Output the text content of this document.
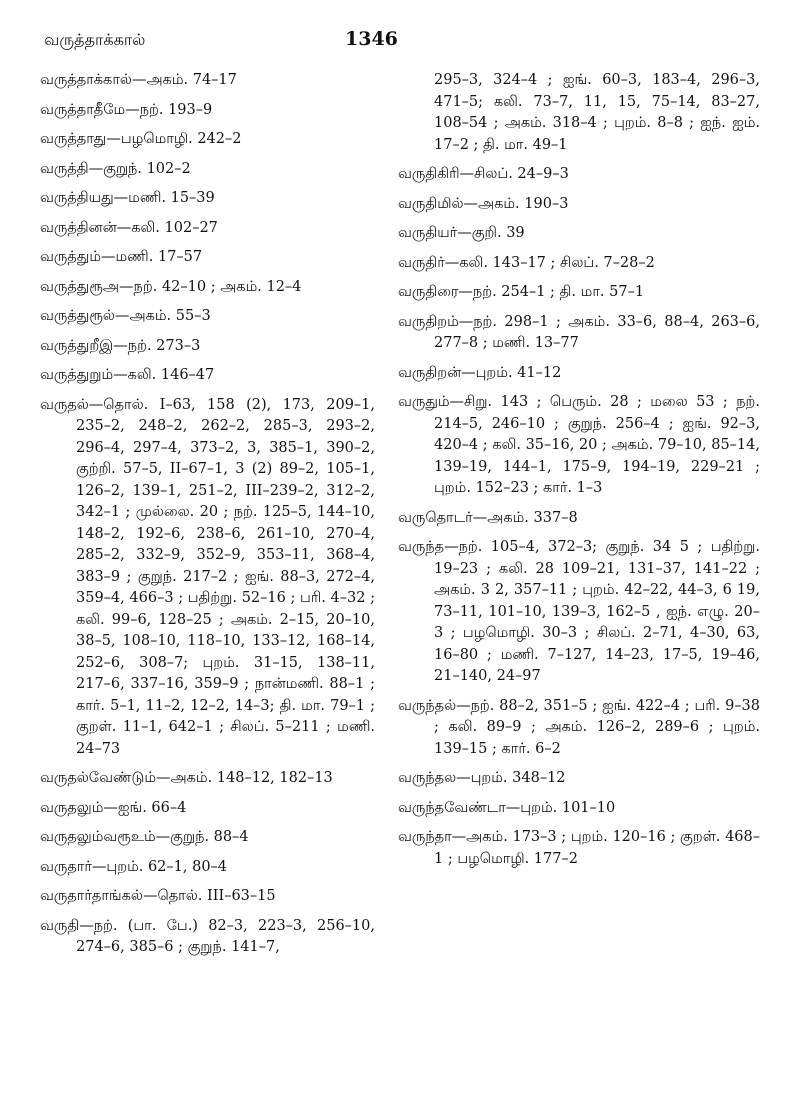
வருத்தாக்கால்	1346

வருத்தாக்கால்—அகம். 74–17

வருத்தாதீமே—நற். 193–9

வருத்தாது—பழமொழி. 242–2

வருத்தி—குறுந். 102–2

வருத்தியது—மணி. 15–39

வருத்தினன்—கலி. 102–27

வருத்தும்—மணி. 17–57

வருத்துரூஅ—நற். 42–10 ; அகம். 12–4

வருத்துரூல்—அகம். 55–3

வருத்துறீஇ—நற். 273–3

வருத்துறும்—கலி. 146–47

வருதல்—தொல். I–63, 158 (2), 173, 209–1, 235–2, 248–2, 262–2, 285–3, 293–2, 296–4, 297–4, 373–2, 3, 385–1, 390–2, குற்றி. 57–5, II–67–1, 3 (2) 89–2, 105–1, 126–2, 139–1, 251–2, III–239–2, 312–2, 342–1 ; முல்லை. 20 ; நற். 125–5, 144–10, 148–2, 192–6, 238–6, 261–10, 270–4, 285–2, 332–9, 352–9, 353–11, 368–4, 383–9 ; குறுந். 217–2 ; ஐங். 88–3, 272–4, 359–4, 466–3 ; பதிற்று. 52–16 ; பரி. 4–32 ; கலி. 99–6, 128–25 ; அகம். 2–15, 20–10, 38–5, 108–10, 118–10, 133–12, 168–14, 252–6, 308–7; புறம். 31–15, 138–11, 217–6, 337–16, 359–9 ; நான்மணி. 88–1 ; கார். 5–1, 11–2, 12–2, 14–3; தி. மா. 79–1 ; குறள். 11–1, 642–1 ; சிலப். 5–211 ; மணி. 24–73

வருதல்வேண்டும்—அகம். 148–12, 182–13

வருதலும்—ஐங். 66–4

வருதலும்வரூஉம்—குறுந். 88–4

வருதார்—புறம். 62–1, 80–4

வருதார்தாங்கல்—தொல். III–63–15

வருதி—நற். (பா. பே.) 82–3, 223–3, 256–10, 274–6, 385–6 ; குறுந். 141–7,

295–3, 324–4 ; ஐங். 60–3, 183–4, 296–3, 471–5; கலி. 73–7, 11, 15, 75–14, 83–27, 108–54 ; அகம். 318–4 ; புறம். 8–8 ; ஐந். ஐம். 17–2 ; தி. மா. 49–1

வருதிகிரி—சிலப். 24–9–3

வருதிமில்—அகம். 190–3

வருதியர்—குறி. 39

வருதிர்—கலி. 143–17 ; சிலப். 7–28–2

வருதிரை—நற். 254–1 ; தி. மா. 57–1

வருதிறம்—நற். 298–1 ; அகம். 33–6, 88–4, 263–6, 277–8 ; மணி. 13–77

வருதிறன்—புறம். 41–12

வருதும்—சிறு. 143 ; பெரும். 28 ; மலை 53 ; நற். 214–5, 246–10 ; குறுந். 256–4 ; ஐங். 92–3, 420–4 ; கலி. 35–16, 20 ; அகம். 79–10, 85–14, 139–19, 144–1, 175–9, 194–19, 229–21 ; புறம். 152–23 ; கார். 1–3

வருதொடர்—அகம். 337–8

வருந்த—நற். 105–4, 372–3; குறுந். 34 5 ; பதிற்று. 19–23 ; கலி. 28 109–21, 131–37, 141–22 ; அகம். 3 2, 357–11 ; புறம். 42–22, 44–3, 6 19, 73–11, 101–10, 139–3, 162–5 , ஐந். எழு. 20–3 ; பழமொழி. 30–3 ; சிலப். 2–71, 4–30, 63, 16–80 ; மணி. 7–127, 14–23, 17–5, 19–46, 21–140, 24–97

வருந்தல்—நற். 88–2, 351–5 ; ஐங். 422–4 ; பரி. 9–38 ; கலி. 89–9 ; அகம். 126–2, 289–6 ; புறம். 139–15 ; கார். 6–2

வருந்தல—புறம். 348–12

வருந்தவேண்டா—புறம். 101–10

வருந்தா—அகம். 173–3 ; புறம். 120–16 ; குறள். 468–1 ; பழமொழி. 177–2
